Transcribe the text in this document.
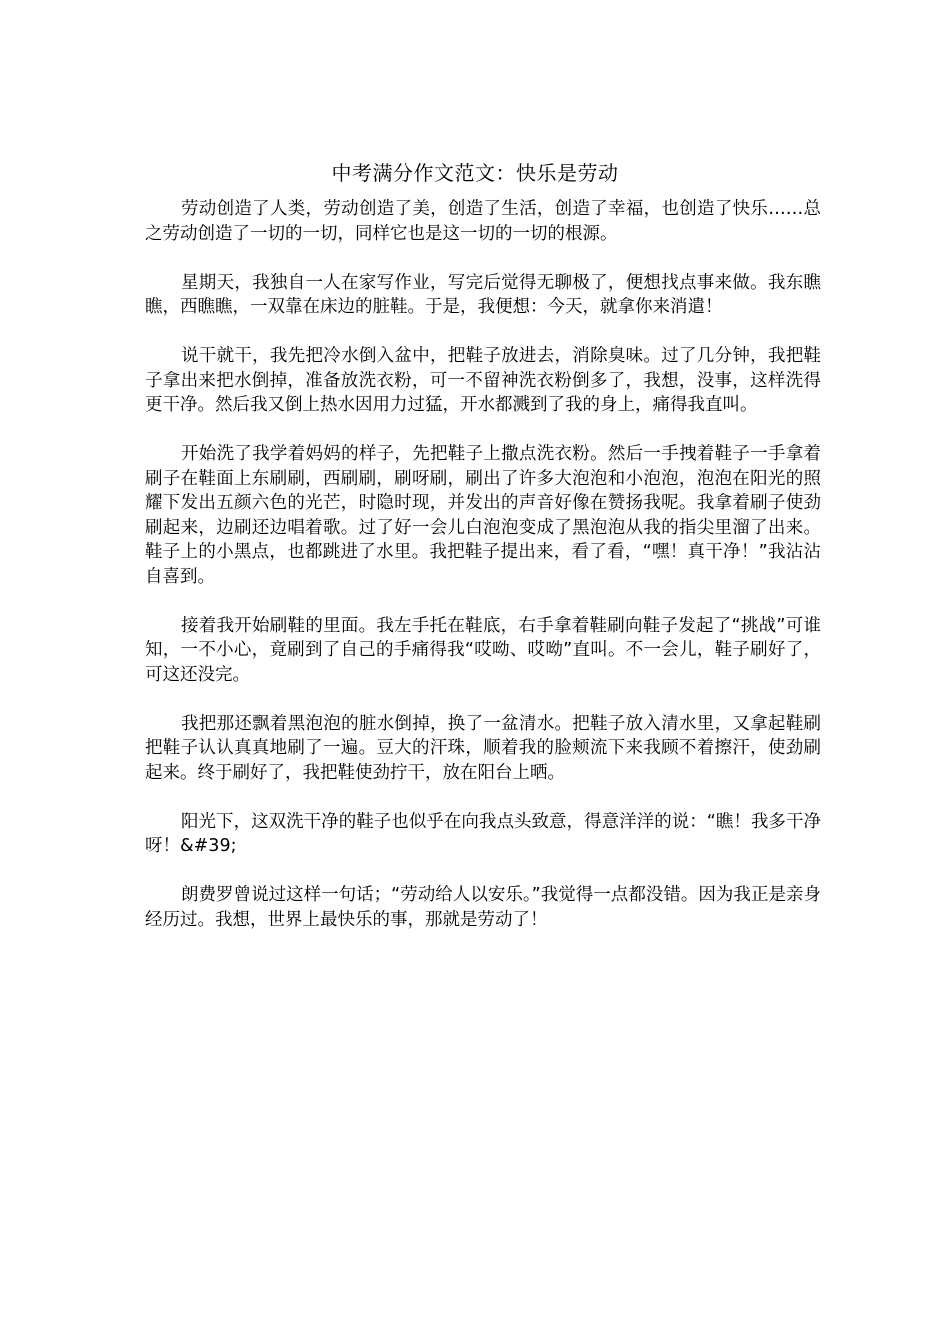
中考满分作文范文：快乐是劳动

劳动创造了人类，劳动创造了美，创造了生活，创造了幸福，也创造了快乐……总之劳动创造了一切的一切，同样它也是这一切的一切的根源。

星期天，我独自一人在家写作业，写完后觉得无聊极了，便想找点事来做。我东瞧瞧，西瞧瞧，一双靠在床边的脏鞋。于是，我便想：今天，就拿你来消遣！

说干就干，我先把冷水倒入盆中，把鞋子放进去，消除臭味。过了几分钟，我把鞋子拿出来把水倒掉，准备放洗衣粉，可一不留神洗衣粉倒多了，我想，没事，这样洗得更干净。然后我又倒上热水因用力过猛，开水都溅到了我的身上，痛得我直叫。

开始洗了我学着妈妈的样子，先把鞋子上撒点洗衣粉。然后一手拽着鞋子一手拿着刷子在鞋面上东刷刷，西刷刷，刷呀刷，刷出了许多大泡泡和小泡泡，泡泡在阳光的照耀下发出五颜六色的光芒，时隐时现，并发出的声音好像在赞扬我呢。我拿着刷子使劲刷起来，边刷还边唱着歌。过了好一会儿白泡泡变成了黑泡泡从我的指尖里溜了出来。鞋子上的小黑点，也都跳进了水里。我把鞋子提出来，看了看，“嘿！真干净！”我沾沾自喜到。

接着我开始刷鞋的里面。我左手托在鞋底，右手拿着鞋刷向鞋子发起了“挑战”可谁知，一不小心，竟刷到了自己的手痛得我“哎呦、哎呦”直叫。不一会儿，鞋子刷好了，可这还没完。

我把那还飘着黑泡泡的脏水倒掉，换了一盆清水。把鞋子放入清水里，又拿起鞋刷把鞋子认认真真地刷了一遍。豆大的汗珠，顺着我的脸颊流下来我顾不着擦汗，使劲刷起来。终于刷好了，我把鞋使劲拧干，放在阳台上晒。

阳光下，这双洗干净的鞋子也似乎在向我点头致意，得意洋洋的说：“瞧！我多干净呀！&#39;

朗费罗曾说过这样一句话；“劳动给人以安乐。”我觉得一点都没错。因为我正是亲身经历过。我想，世界上最快乐的事，那就是劳动了！
